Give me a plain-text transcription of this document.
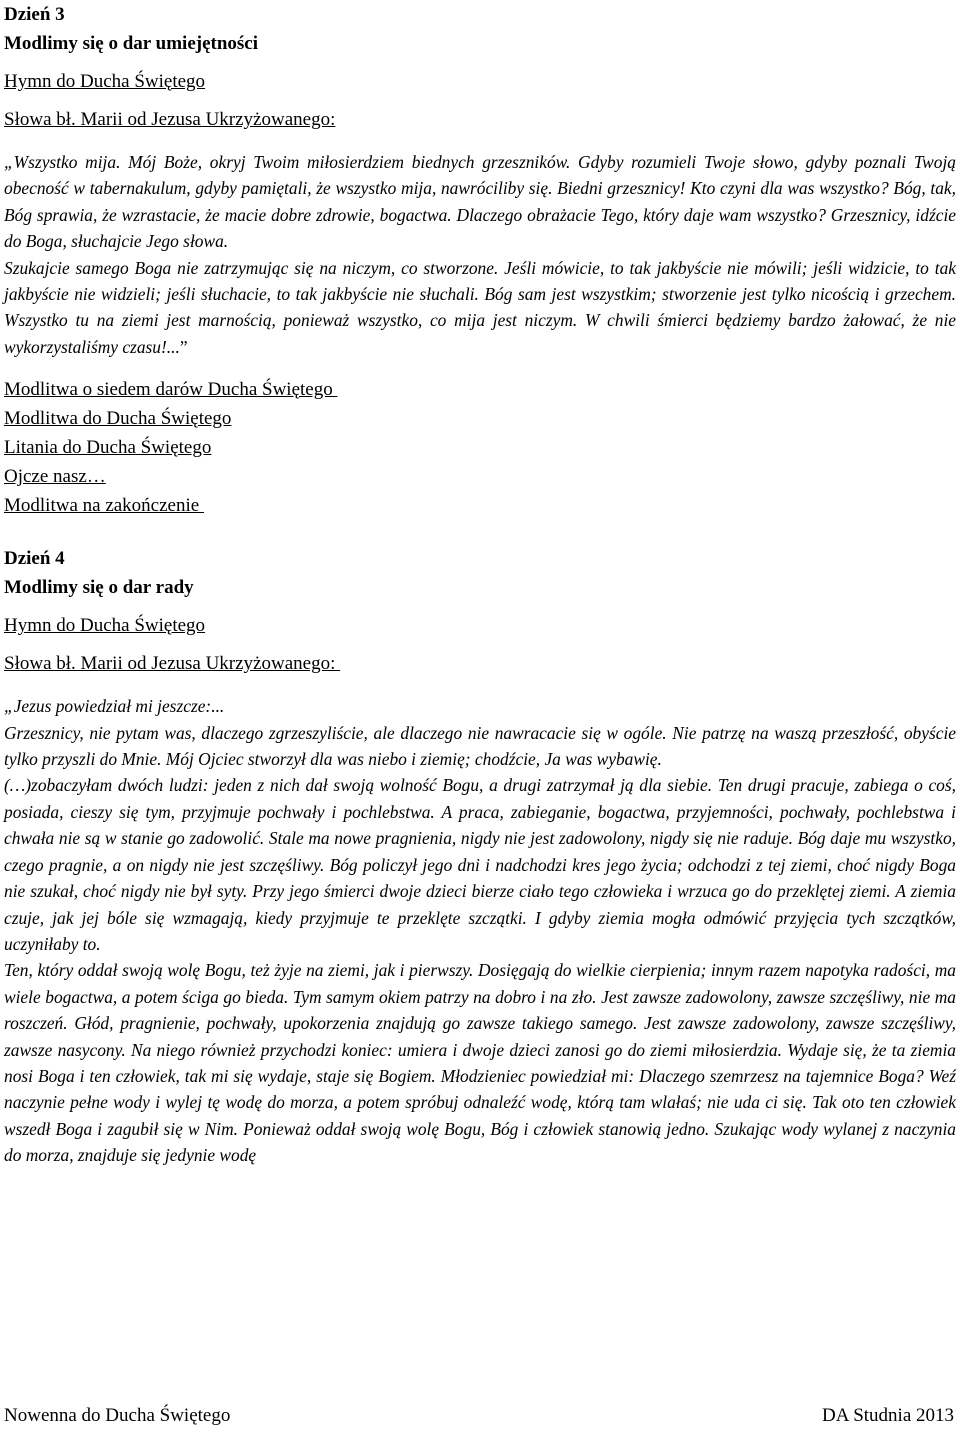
Dzień 3

Modlimy się o dar umiejętności

Hymn do Ducha Świętego
Słowa bł. Marii od Jezusa Ukrzyżowanego:

„Wszystko mija. Mój Boże, okryj Twoim miłosierdziem biednych grzeszników. Gdyby rozumieli Twoje słowo, gdyby poznali Twoją obecność w tabernakulum, gdyby pamiętali, że wszystko mija, nawróciliby się. Biedni grzesznicy! Kto czyni dla was wszystko? Bóg, tak, Bóg sprawia, że wzrastacie, że macie dobre zdrowie, bogactwa. Dlaczego obrażacie Tego, który daje wam wszystko? Grzesznicy, idźcie do Boga, słuchajcie Jego słowa.

Szukajcie samego Boga nie zatrzymując się na niczym, co stworzone. Jeśli mówicie, to tak jakbyście nie mówili; jeśli widzicie, to tak jakbyście nie widzieli; jeśli słuchacie, to tak jakbyście nie słuchali. Bóg sam jest wszystkim; stworzenie jest tylko nicością i grzechem. Wszystko tu na ziemi jest marnością, ponieważ wszystko, co mija jest niczym. W chwili śmierci będziemy bardzo żałować, że nie wykorzystaliśmy czasu!...”

Modlitwa o siedem darów Ducha Świętego
Modlitwa do Ducha Świętego
Litania do Ducha Świętego
Ojcze nasz…
Modlitwa na zakończenie

Dzień 4

Modlimy się o dar rady

Hymn do Ducha Świętego
Słowa bł. Marii od Jezusa Ukrzyżowanego:

„Jezus powiedział mi jeszcze:...

Grzesznicy, nie pytam was, dlaczego zgrzeszyliście, ale dlaczego nie nawracacie się w ogóle. Nie patrzę na waszą przeszłość, obyście tylko przyszli do Mnie. Mój Ojciec stworzył dla was niebo i ziemię; chodźcie, Ja was wybawię.

(…)zobaczyłam dwóch ludzi: jeden z nich dał swoją wolność Bogu, a drugi zatrzymał ją dla siebie. Ten drugi pracuje, zabiega o coś, posiada, cieszy się tym, przyjmuje pochwały i pochlebstwa. A praca, zabieganie, bogactwa, przyjemności, pochwały, pochlebstwa i chwała nie są w stanie go zadowolić. Stale ma nowe pragnienia, nigdy nie jest zadowolony, nigdy się nie raduje. Bóg daje mu wszystko, czego pragnie, a on nigdy nie jest szczęśliwy. Bóg policzył jego dni i nadchodzi kres jego życia; odchodzi z tej ziemi, choć nigdy Boga nie szukał, choć nigdy nie był syty. Przy jego śmierci dwoje dzieci bierze ciało tego człowieka i wrzuca go do przeklętej ziemi. A ziemia czuje, jak jej bóle się wzmagają, kiedy przyjmuje te przeklęte szczątki. I gdyby ziemia mogła odmówić przyjęcia tych szczątków, uczyniłaby to.

Ten, który oddał swoją wolę Bogu, też żyje na ziemi, jak i pierwszy. Dosięgają do wielkie cierpienia; innym razem napotyka radości, ma wiele bogactwa, a potem ściga go bieda. Tym samym okiem patrzy na dobro i na zło. Jest zawsze zadowolony, zawsze szczęśliwy, nie ma roszczeń. Głód, pragnienie, pochwały, upokorzenia znajdują go zawsze takiego samego. Jest zawsze zadowolony, zawsze szczęśliwy, zawsze nasycony. Na niego również przychodzi koniec: umiera i dwoje dzieci zanosi go do ziemi miłosierdzia. Wydaje się, że ta ziemia nosi Boga i ten człowiek, tak mi się wydaje, staje się Bogiem. Młodzieniec powiedział mi: Dlaczego szemrzesz na tajemnice Boga? Weź naczynie pełne wody i wylej tę wodę do morza, a potem spróbuj odnaleźć wodę, którą tam wlałaś; nie uda ci się. Tak oto ten człowiek wszedł Boga i zagubił się w Nim. Ponieważ oddał swoją wolę Bogu, Bóg i człowiek stanowią jedno. Szukając wody wylanej z naczynia do morza, znajduje się jedynie wodę

Nowenna do Ducha Świętego	DA Studnia 2013
